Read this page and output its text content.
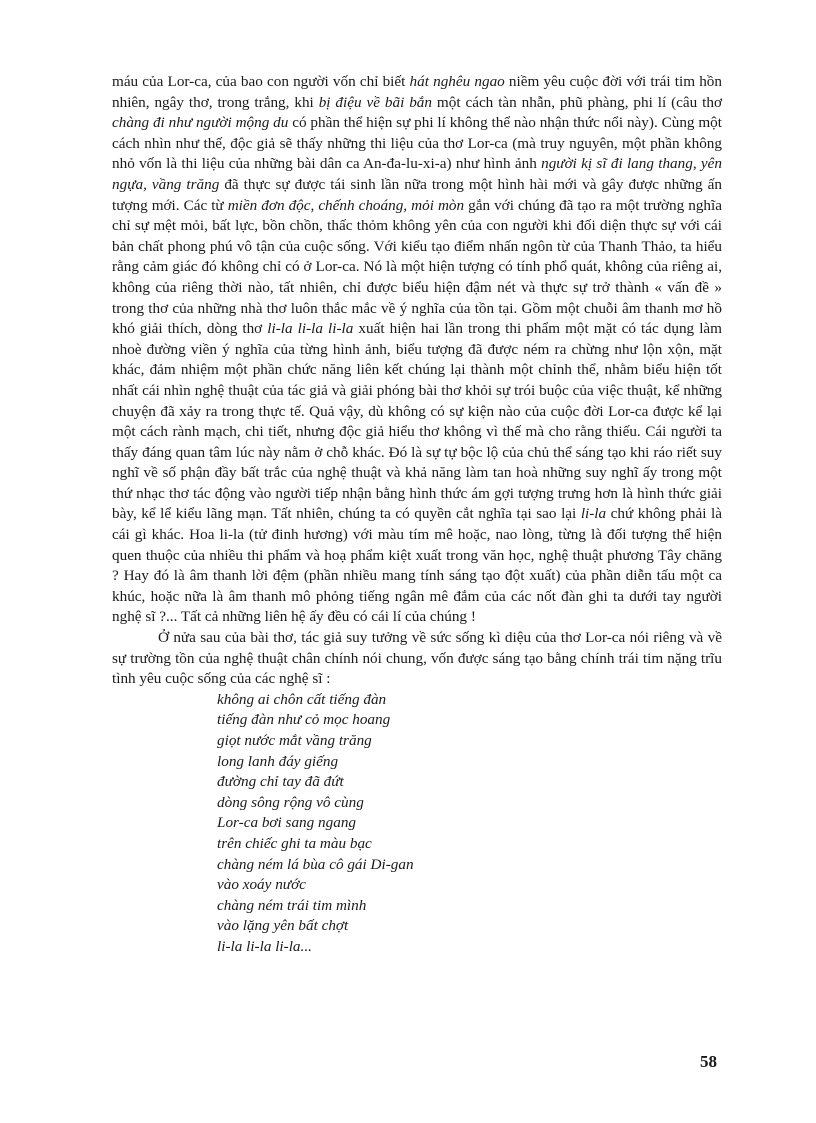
máu của Lor-ca, của bao con người vốn chỉ biết hát nghêu ngao niềm yêu cuộc đời với trái tim hồn nhiên, ngây thơ, trong trắng, khi bị điệu về bãi bắn một cách tàn nhẫn, phũ phàng, phi lí (câu thơ chàng đi như người mộng du có phần thể hiện sự phi lí không thể nào nhận thức nổi này). Cùng một cách nhìn như thế, độc giả sẽ thấy những thi liệu của thơ Lor-ca (mà truy nguyên, một phần không nhỏ vốn là thi liệu của những bài dân ca An-đa-lu-xi-a) như hình ảnh người kị sĩ đi lang thang, yên ngựa, vầng trăng đã thực sự được tái sinh lần nữa trong một hình hài mới và gây được những ấn tượng mới. Các từ miền đơn độc, chếnh choáng, mỏi mòn gắn với chúng đã tạo ra một trường nghĩa chỉ sự mệt mỏi, bất lực, bồn chồn, thấc thỏm không yên của con người khi đối diện thực sự với cái bản chất phong phú vô tận của cuộc sống. Với kiểu tạo điểm nhấn ngôn từ của Thanh Thảo, ta hiểu rằng cảm giác đó không chỉ có ở Lor-ca. Nó là một hiện tượng có tính phổ quát, không của riêng ai, không của riêng thời nào, tất nhiên, chỉ được biểu hiện đậm nét và thực sự trở thành « vấn đề » trong thơ của những nhà thơ luôn thắc mắc về ý nghĩa của tồn tại. Gồm một chuỗi âm thanh mơ hồ khó giải thích, dòng thơ li-la li-la li-la xuất hiện hai lần trong thi phẩm một mặt có tác dụng làm nhoè đường viền ý nghĩa của từng hình ảnh, biểu tượng đã được ném ra chừng như lộn xộn, mặt khác, đảm nhiệm một phần chức năng liên kết chúng lại thành một chỉnh thể, nhằm biểu hiện tốt nhất cái nhìn nghệ thuật của tác giả và giải phóng bài thơ khỏi sự trói buộc của việc thuật, kể những chuyện đã xảy ra trong thực tế. Quả vậy, dù không có sự kiện nào của cuộc đời Lor-ca được kể lại một cách rành mạch, chi tiết, nhưng độc giả hiểu thơ không vì thế mà cho rằng thiếu. Cái người ta thấy đáng quan tâm lúc này nằm ở chỗ khác. Đó là sự tự bộc lộ của chủ thể sáng tạo khi ráo riết suy nghĩ về số phận đầy bất trắc của nghệ thuật và khả năng làm tan hoà những suy nghĩ ấy trong một thứ nhạc thơ tác động vào người tiếp nhận bằng hình thức ám gợi tượng trưng hơn là hình thức giải bày, kể lể kiểu lãng mạn. Tất nhiên, chúng ta có quyền cắt nghĩa tại sao lại li-la chứ không phải là cái gì khác. Hoa li-la (tử đinh hương) với màu tím mê hoặc, nao lòng, từng là đối tượng thể hiện quen thuộc của nhiều thi phẩm và hoạ phẩm kiệt xuất trong văn học, nghệ thuật phương Tây chăng ? Hay đó là âm thanh lời đệm (phần nhiều mang tính sáng tạo đột xuất) của phần diễn tấu một ca khúc, hoặc nữa là âm thanh mô phỏng tiếng ngân mê đắm của các nốt đàn ghi ta dưới tay người nghệ sĩ ?... Tất cả những liên hệ ấy đều có cái lí của chúng !

Ở nửa sau của bài thơ, tác giả suy tưởng về sức sống kì diệu của thơ Lor-ca nói riêng và về sự trường tồn của nghệ thuật chân chính nói chung, vốn được sáng tạo bằng chính trái tim nặng trĩu tình yêu cuộc sống của các nghệ sĩ :

không ai chôn cất tiếng đàn
tiếng đàn như cỏ mọc hoang
giọt nước mắt vầng trăng
long lanh đáy giếng
đường chỉ tay đã đứt
dòng sông rộng vô cùng
Lor-ca bơi sang ngang
trên chiếc ghi ta màu bạc
chàng ném lá bùa cô gái Di-gan
vào xoáy nước
chàng ném trái tim mình
vào lặng yên bất chợt
li-la li-la li-la...
58
